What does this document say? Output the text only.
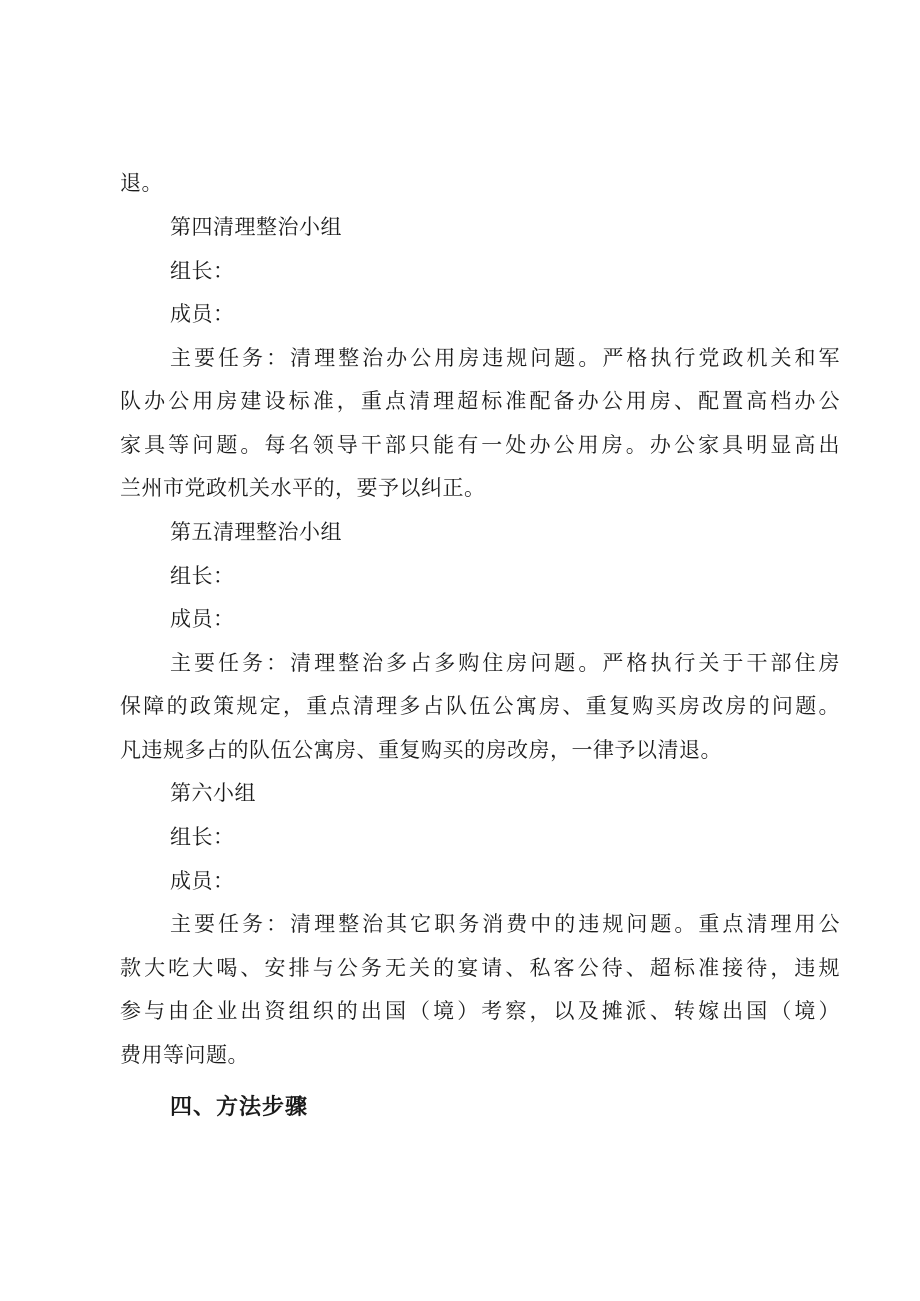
退。
第四清理整治小组
组长：
成员：
主要任务：清理整治办公用房违规问题。严格执行党政机关和军
队办公用房建设标准，重点清理超标准配备办公用房、配置高档办公
家具等问题。每名领导干部只能有一处办公用房。办公家具明显高出
兰州市党政机关水平的，要予以纠正。
第五清理整治小组
组长：
成员：
主要任务：清理整治多占多购住房问题。严格执行关于干部住房
保障的政策规定，重点清理多占队伍公寓房、重复购买房改房的问题。
凡违规多占的队伍公寓房、重复购买的房改房，一律予以清退。
第六小组
组长：
成员：
主要任务：清理整治其它职务消费中的违规问题。重点清理用公
款大吃大喝、安排与公务无关的宴请、私客公待、超标准接待，违规
参与由企业出资组织的出国（境）考察，以及摊派、转嫁出国（境）
费用等问题。
四、方法步骤
